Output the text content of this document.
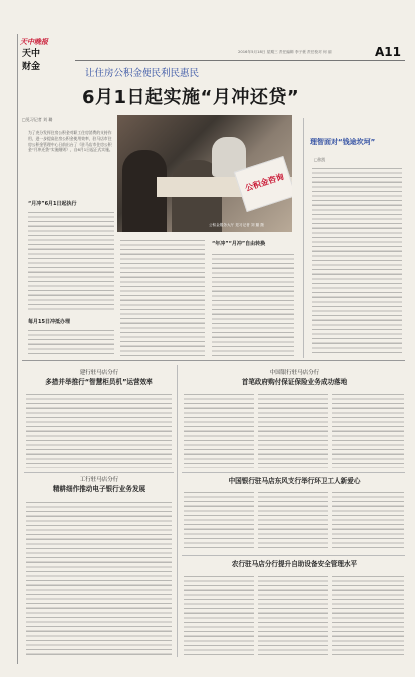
天中晚报
天中
财金
2016年5月18日 星期三 责任编辑 李子豪 责任校对 何 丽	A11
让住房公积金便民利民惠民
6月1日起实施“月冲还贷”
□见习记者 刘 璐
为了充分发挥住房公积金对职工住房消费的支持作用，进一步提高住房公积金使用效率，驻马店市住房公积金管理中心日前出台了《驻马店市住房公积金“月冲还贷”实施细则》，自6月1日起正式实施。
公积金咨询
公积金服务大厅 见习记者 刘 璐 摄
“月冲”6月1日起执行
每月15日冲抵办理
“年冲”“月冲”自由转换
理智面对“钱途坎坷”
□张凯
建行驻马店分行
多措并举推行“智慧柜员机”运营效率
中国银行驻马店分行
首笔政府购付保证保险业务成功落地
中国银行驻马店东风支行举行环卫工人新爱心
工行驻马店分行
精耕细作推动电子银行业务发展
农行驻马店分行提升自助设备安全管理水平
